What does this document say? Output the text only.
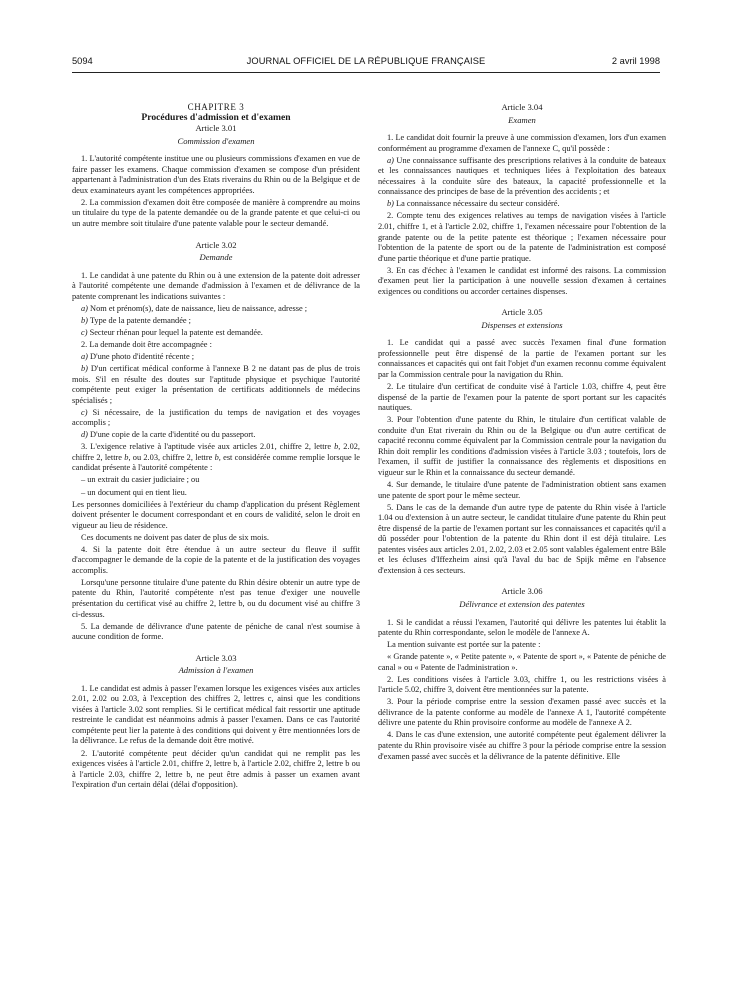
5094	JOURNAL OFFICIEL DE LA RÉPUBLIQUE FRANÇAISE	2 avril 1998

CHAPITRE 3

Procédures d'admission et d'examen

Article 3.01

Commission d'examen

1. L'autorité compétente institue une ou plusieurs commissions d'examen en vue de faire passer les examens. Chaque commission d'examen se compose d'un président appartenant à l'administration d'un des Etats riverains du Rhin ou de la Belgique et de deux examinateurs ayant les compétences appropriées.

2. La commission d'examen doit être composée de manière à comprendre au moins un titulaire du type de la patente demandée ou de la grande patente et que celui-ci ou un autre membre soit titulaire d'une patente valable pour le secteur demandé.

Article 3.02

Demande

1. Le candidat à une patente du Rhin ou à une extension de la patente doit adresser à l'autorité compétente une demande d'admission à l'examen et de délivrance de la patente comprenant les indications suivantes :

a) Nom et prénom(s), date de naissance, lieu de naissance, adresse ;

b) Type de la patente demandée ;

c) Secteur rhénan pour lequel la patente est demandée.

2. La demande doit être accompagnée :

a) D'une photo d'identité récente ;

b) D'un certificat médical conforme à l'annexe B 2 ne datant pas de plus de trois mois. S'il en résulte des doutes sur l'aptitude physique et psychique l'autorité compétente peut exiger la présentation de certificats additionnels de médecins spécialisés ;

c) Si nécessaire, de la justification du temps de navigation et des voyages accomplis ;

d) D'une copie de la carte d'identité ou du passeport.

3. L'exigence relative à l'aptitude visée aux articles 2.01, chiffre 2, lettre b, 2.02, chiffre 2, lettre b, ou 2.03, chiffre 2, lettre b, est considérée comme remplie lorsque le candidat présente à l'autorité compétente :

– un extrait du casier judiciaire ; ou

– un document qui en tient lieu.

Les personnes domiciliées à l'extérieur du champ d'application du présent Règlement doivent présenter le document correspondant et en cours de validité, selon le droit en vigueur au lieu de résidence.

Ces documents ne doivent pas dater de plus de six mois.

4. Si la patente doit être étendue à un autre secteur du fleuve il suffit d'accompagner le demande de la copie de la patente et de la justification des voyages accomplis.

Lorsqu'une personne titulaire d'une patente du Rhin désire obtenir un autre type de patente du Rhin, l'autorité compétente n'est pas tenue d'exiger une nouvelle présentation du certificat visé au chiffre 2, lettre b, ou du document visé au chiffre 3 ci-dessus.

5. La demande de délivrance d'une patente de péniche de canal n'est soumise à aucune condition de forme.

Article 3.03

Admission à l'examen

1. Le candidat est admis à passer l'examen lorsque les exigences visées aux articles 2.01, 2.02 ou 2.03, à l'exception des chiffres 2, lettres c, ainsi que les conditions visées à l'article 3.02 sont remplies. Si le certificat médical fait ressortir une aptitude restreinte le candidat est néanmoins admis à passer l'examen. Dans ce cas l'autorité compétente peut lier la patente à des conditions qui doivent y être mentionnées lors de la délivrance. Le refus de la demande doit être motivé.

2. L'autorité compétente peut décider qu'un candidat qui ne remplit pas les exigences visées à l'article 2.01, chiffre 2, lettre b, à l'article 2.02, chiffre 2, lettre b ou à l'article 2.03, chiffre 2, lettre b, ne peut être admis à passer un examen avant l'expiration d'un certain délai (délai d'opposition).

Article 3.04

Examen

1. Le candidat doit fournir la preuve à une commission d'examen, lors d'un examen conformément au programme d'examen de l'annexe C, qu'il possède :

a) Une connaissance suffisante des prescriptions relatives à la conduite de bateaux et les connaissances nautiques et techniques liées à l'exploitation des bateaux nécessaires à la conduite sûre des bateaux, la capacité professionnelle et la connaissance des principes de base de la prévention des accidents ; et

b) La connaissance nécessaire du secteur considéré.

2. Compte tenu des exigences relatives au temps de navigation visées à l'article 2.01, chiffre 1, et à l'article 2.02, chiffre 1, l'examen nécessaire pour l'obtention de la grande patente ou de la petite patente est théorique ; l'examen nécessaire pour l'obtention de la patente de sport ou de la patente de l'administration est composé d'une partie théorique et d'une partie pratique.

3. En cas d'échec à l'examen le candidat est informé des raisons. La commission d'examen peut lier la participation à une nouvelle session d'examen à certaines exigences ou conditions ou accorder certaines dispenses.

Article 3.05

Dispenses et extensions

1. Le candidat qui a passé avec succès l'examen final d'une formation professionnelle peut être dispensé de la partie de l'examen portant sur les connaissances et capacités qui ont fait l'objet d'un examen reconnu comme équivalent par la Commission centrale pour la navigation du Rhin.

2. Le titulaire d'un certificat de conduite visé à l'article 1.03, chiffre 4, peut être dispensé de la partie de l'examen pour la patente de sport portant sur les capacités nautiques.

3. Pour l'obtention d'une patente du Rhin, le titulaire d'un certificat valable de conduite d'un Etat riverain du Rhin ou de la Belgique ou d'un autre certificat de capacité reconnu comme équivalent par la Commission centrale pour la navigation du Rhin doit remplir les conditions d'admission visées à l'article 3.03 ; toutefois, lors de l'examen, il suffit de justifier la connaissance des règlements et dispositions en vigueur sur le Rhin et la connaissance du secteur demandé.

4. Sur demande, le titulaire d'une patente de l'administration obtient sans examen une patente de sport pour le même secteur.

5. Dans le cas de la demande d'un autre type de patente du Rhin visée à l'article 1.04 ou d'extension à un autre secteur, le candidat titulaire d'une patente du Rhin peut être dispensé de la partie de l'examen portant sur les connaissances et capacités qu'il a dû posséder pour l'obtention de la patente du Rhin dont il est déjà titulaire. Les patentes visées aux articles 2.01, 2.02, 2.03 et 2.05 sont valables également entre Bâle et les écluses d'Iffezheim ainsi qu'à l'aval du bac de Spijk même en l'absence d'extension à ces secteurs.

Article 3.06

Délivrance et extension des patentes

1. Si le candidat a réussi l'examen, l'autorité qui délivre les patentes lui établit la patente du Rhin correspondante, selon le modèle de l'annexe A.

La mention suivante est portée sur la patente :

« Grande patente », « Petite patente », « Patente de sport », « Patente de péniche de canal » ou « Patente de l'administration ».

2. Les conditions visées à l'article 3.03, chiffre 1, ou les restrictions visées à l'article 5.02, chiffre 3, doivent être mentionnées sur la patente.

3. Pour la période comprise entre la session d'examen passé avec succès et la délivrance de la patente conforme au modèle de l'annexe A 1, l'autorité compétente délivre une patente du Rhin provisoire conforme au modèle de l'annexe A 2.

4. Dans le cas d'une extension, une autorité compétente peut également délivrer la patente du Rhin provisoire visée au chiffre 3 pour la période comprise entre la session d'examen passé avec succès et la délivrance de la patente définitive. Elle
